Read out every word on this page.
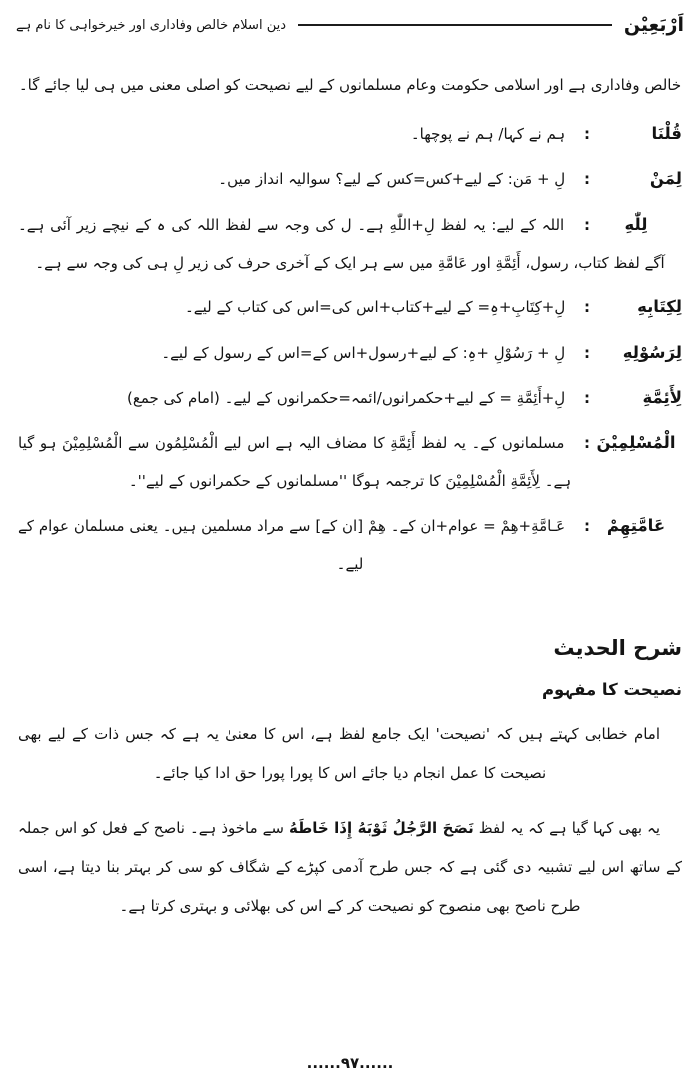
اَرْبَعِيْن
دین اسلام خالص وفاداری اور خیرخواہی کا نام ہے

خالص وفاداری ہے اور اسلامی حکومت وعام مسلمانوں کے لیے نصیحت کو اصلی معنی میں ہی لیا جائے گا۔

قُلْنَا: ہم نے کہا/ ہم نے پوچھا۔
لِمَنْ: لِ + مَن: کے لیے+کس=کس کے لیے؟ سوالیہ انداز میں۔
لِلّٰهِ: اللہ کے لیے: یہ لفظ لِ+اللّٰهِ ہے۔ ل کی وجہ سے لفظ اللہ کی ہ کے نیچے زیر آئی ہے۔ آگے لفظ کتاب، رسول، أَئِمَّةِ اور عَامَّةِ میں سے ہر ایک کے آخری حرف کی زیر لِ ہی کی وجہ سے ہے۔
لِكِتَابِهِ: لِ+کِتَابِ+ہِ= کے لیے+کتاب+اس کی=اس کی کتاب کے لیے۔
لِرَسُوْلِهِ: لِ + رَسُوْلِ +ہِ: کے لیے+رسول+اس کے=اس کے رسول کے لیے۔
لِأَئِمَّةِ: لِ+أَئِمَّةِ = کے لیے+حکمرانوں/ائمہ=حکمرانوں کے لیے۔ (امام کی جمع)
الْمُسْلِمِيْنَ: مسلمانوں کے۔ یہ لفظ أَئِمَّةِ کا مضاف الیہ ہے اس لیے الْمُسْلِمُون سے الْمُسْلِمِيْنَ ہو گیا ہے۔ لِأَئِمَّةِ الْمُسْلِمِيْنَ کا ترجمہ ہوگا ''مسلمانوں کے حکمرانوں کے لیے''۔
عَامَّتِهِمْ: عَـامَّةِ+هِمْ = عوام+ان کے۔ هِمْ [ان کے] سے مراد مسلمین ہیں۔ یعنی مسلمان عوام کے لیے۔
شرح الحدیث
نصیحت کا مفہوم

امام خطابی کہتے ہیں کہ 'نصیحت' ایک جامع لفظ ہے، اس کا معنیٰ یہ ہے کہ جس ذات کے لیے بھی نصیحت کا عمل انجام دیا جائے اس کا پورا پورا حق ادا کیا جائے۔

یہ بھی کہا گیا ہے کہ یہ لفظ نَصَحَ الرَّجُلُ ثَوْبَهُ إِذَا خَاطَهُ سے ماخوذ ہے۔ ناصح کے فعل کو اس جملہ کے ساتھ اس لیے تشبیہ دی گئی ہے کہ جس طرح آدمی کپڑے کے شگاف کو سی کر بہتر بنا دیتا ہے، اسی طرح ناصح بھی منصوح کو نصیحت کر کے اس کی بھلائی و بہتری کرتا ہے۔

......۹۷......
